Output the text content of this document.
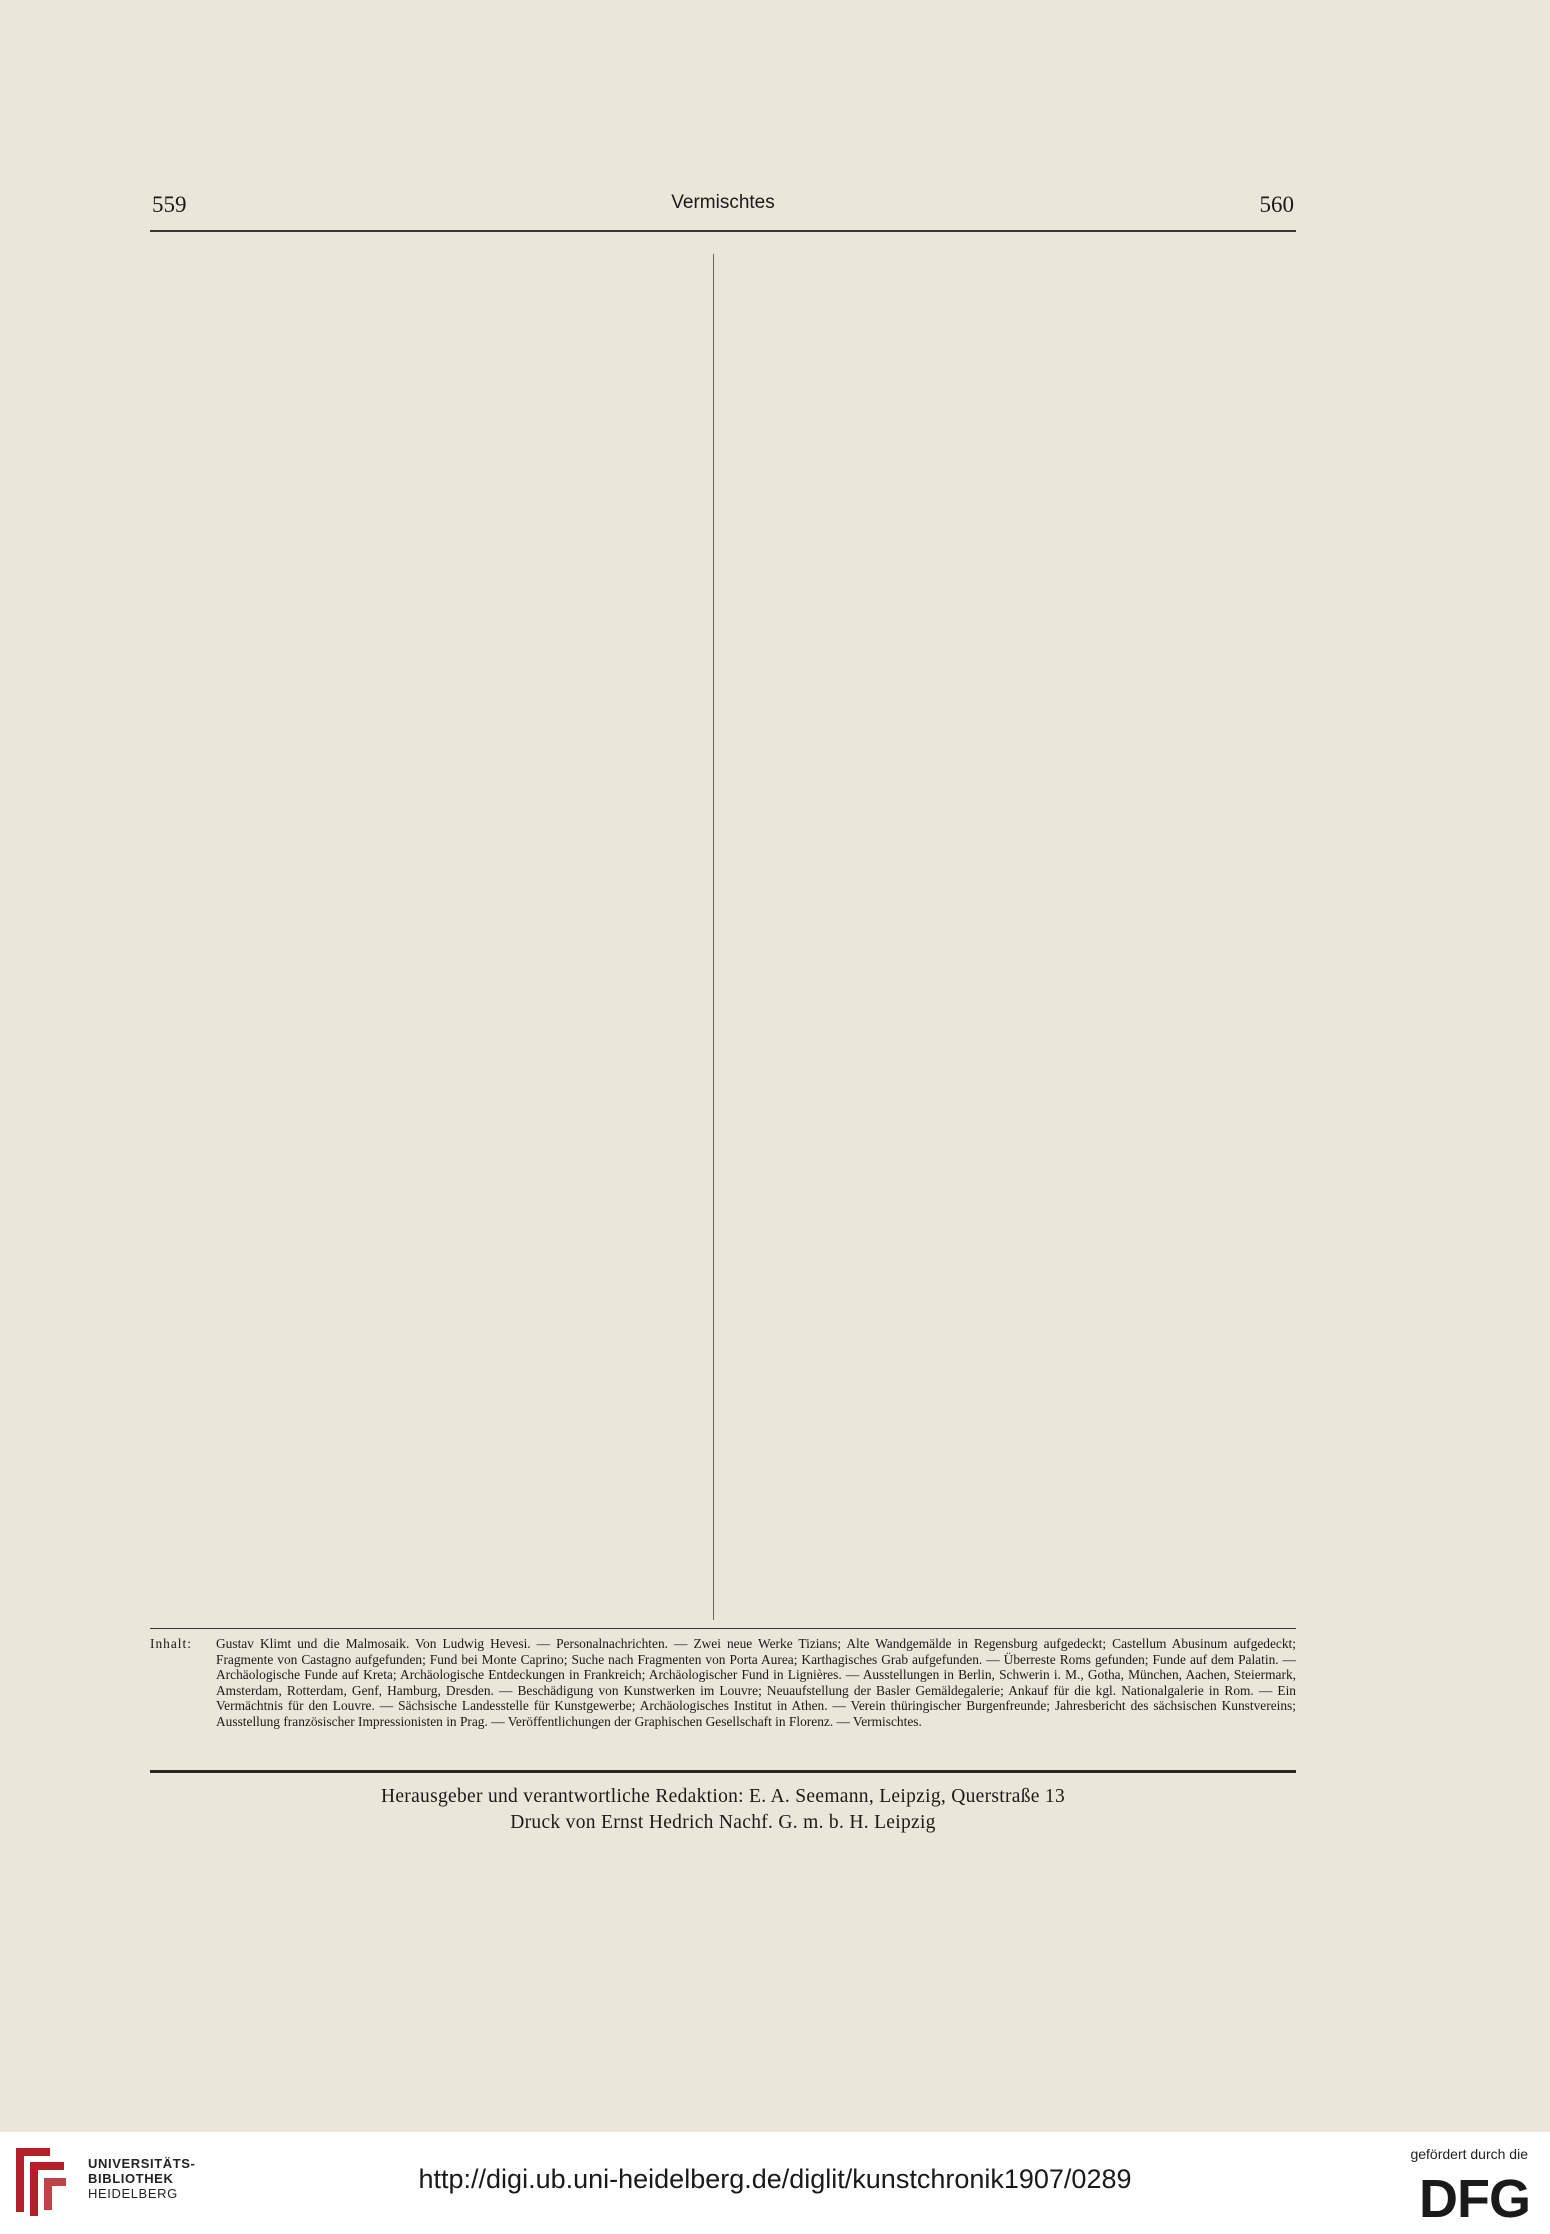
559	Vermischtes	560

Inhalt:	Gustav Klimt und die Malmosaik. Von Ludwig Hevesi. — Personalnachrichten. — Zwei neue Werke Tizians; Alte Wandgemälde in Regensburg aufgedeckt; Castellum Abusinum aufgedeckt; Fragmente von Castagno aufgefunden; Fund bei Monte Caprino; Suche nach Fragmenten von Porta Aurea; Karthagisches Grab aufgefunden. — Überreste Roms gefunden; Funde auf dem Palatin. — Archäologische Funde auf Kreta; Archäologische Entdeckungen in Frankreich; Archäologischer Fund in Lignières. — Ausstellungen in Berlin, Schwerin i. M., Gotha, München, Aachen, Steiermark, Amsterdam, Rotterdam, Genf, Hamburg, Dresden. — Beschädigung von Kunstwerken im Louvre; Neuaufstellung der Basler Gemäldegalerie; Ankauf für die kgl. Nationalgalerie in Rom. — Ein Vermächtnis für den Louvre. — Sächsische Landesstelle für Kunstgewerbe; Archäologisches Institut in Athen. — Verein thüringischer Burgenfreunde; Jahresbericht des sächsischen Kunstvereins; Ausstellung französischer Impressionisten in Prag. — Veröffentlichungen der Graphischen Gesellschaft in Florenz. — Vermischtes.
Herausgeber und verantwortliche Redaktion: E. A. Seemann, Leipzig, Querstraße 13
Druck von Ernst Hedrich Nachf. G. m. b. H. Leipzig
UNIVERSITÄTS-
BIBLIOTHEK
HEIDELBERG	http://digi.ub.uni-heidelberg.de/diglit/kunstchronik1907/0289
gefördert durch die
DFG
